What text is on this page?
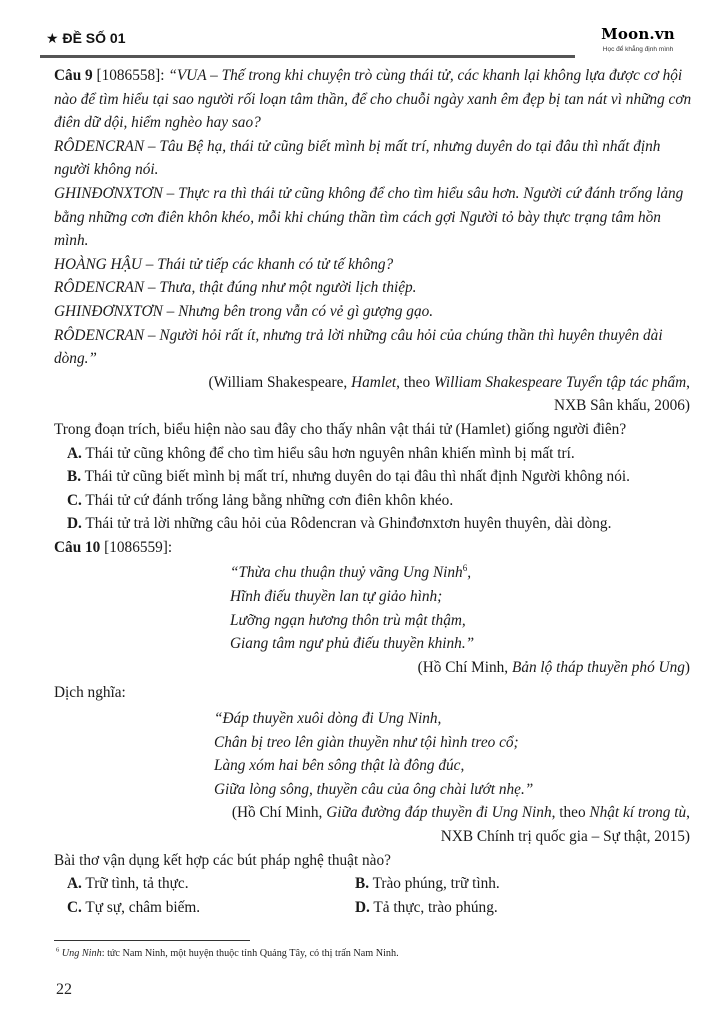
★ ĐỀ SỐ 01	Moon.vn
Học để khẳng định mình

Câu 9 [1086558]: “VUA – Thế trong khi chuyện trò cùng thái tử, các khanh lại không lựa được cơ hội nào để tìm hiểu tại sao người rối loạn tâm thần, để cho chuỗi ngày xanh êm đẹp bị tan nát vì những cơn điên dữ dội, hiểm nghèo hay sao?

RÔDENCRAN – Tâu Bệ hạ, thái tử cũng biết mình bị mất trí, nhưng duyên do tại đâu thì nhất định người không nói.

GHINĐƠNXTƠN – Thực ra thì thái tử cũng không để cho tìm hiểu sâu hơn. Người cứ đánh trống lảng bằng những cơn điên khôn khéo, mỗi khi chúng thần tìm cách gợi Người tỏ bày thực trạng tâm hồn mình.

HOÀNG HẬU – Thái tử tiếp các khanh có tử tế không?

RÔDENCRAN – Thưa, thật đúng như một người lịch thiệp.

GHINĐƠNXTƠN – Nhưng bên trong vẫn có vẻ gì gượng gạo.

RÔDENCRAN – Người hỏi rất ít, nhưng trả lời những câu hỏi của chúng thần thì huyên thuyên dài dòng.”

(William Shakespeare, Hamlet, theo William Shakespeare Tuyển tập tác phẩm,

NXB Sân khấu, 2006)

Trong đoạn trích, biểu hiện nào sau đây cho thấy nhân vật thái tử (Hamlet) giống người điên?

A. Thái tử cũng không để cho tìm hiểu sâu hơn nguyên nhân khiến mình bị mất trí.

B. Thái tử cũng biết mình bị mất trí, nhưng duyên do tại đâu thì nhất định Người không nói.

C. Thái tử cứ đánh trống lảng bằng những cơn điên khôn khéo.

D. Thái tử trả lời những câu hỏi của Rôdencran và Ghinđơnxtơn huyên thuyên, dài dòng.

Câu 10 [1086559]:

“Thừa chu thuận thuỷ vãng Ung Ninh$^6$,

Hĩnh điếu thuyền lan tự giảo hình;

Lưỡng ngạn hương thôn trù mật thậm,

Giang tâm ngư phủ điếu thuyền khinh.”

(Hồ Chí Minh, Bản lộ tháp thuyền phó Ung)

Dịch nghĩa:

“Đáp thuyền xuôi dòng đi Ung Ninh,

Chân bị treo lên giàn thuyền như tội hình treo cổ;

Làng xóm hai bên sông thật là đông đúc,

Giữa lòng sông, thuyền câu của ông chài lướt nhẹ.”

(Hồ Chí Minh, Giữa đường đáp thuyền đi Ung Ninh, theo Nhật kí trong tù,

NXB Chính trị quốc gia – Sự thật, 2015)

Bài thơ vận dụng kết hợp các bút pháp nghệ thuật nào?

A. Trữ tình, tả thực.	B. Trào phúng, trữ tình.
C. Tự sự, châm biếm.	D. Tả thực, trào phúng.
$^6$ Ung Ninh: tức Nam Ninh, một huyện thuộc tỉnh Quảng Tây, có thị trấn Nam Ninh.
22
